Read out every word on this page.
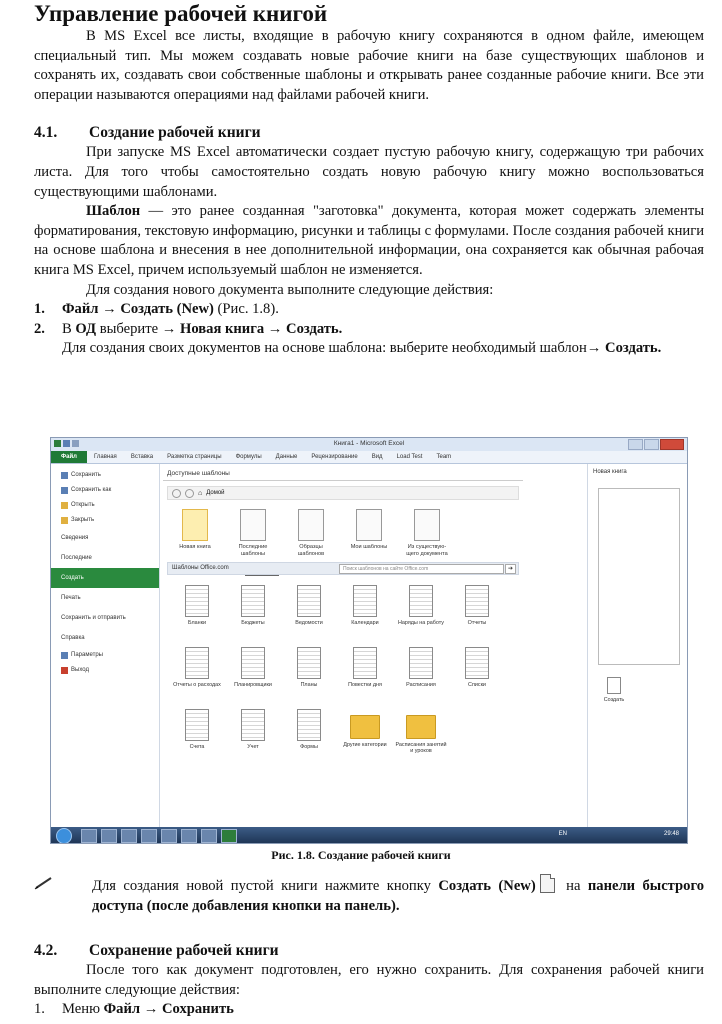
Управление рабочей книгой

В MS Excel все листы, входящие в рабочую книгу сохраняются в одном файле, имеющем специальный тип. Мы можем создавать новые рабочие книги на базе существующих шаблонов и сохранять их, создавать свои собственные шаблоны и открывать ранее созданные рабочие книги. Все эти операции называются операциями над файлами рабочей книги.

4.1. Создание рабочей книги

При запуске MS Excel автоматически создает пустую рабочую книгу, содержащую три рабочих листа. Для того чтобы самостоятельно создать новую рабочую книгу можно воспользоваться существующими шаблонами.

Шаблон — это ранее созданная "заготовка" документа, которая может содержать элементы форматирования, текстовую информацию, рисунки и таблицы с формулами. После создания рабочей книги на основе шаблона и внесения в нее дополнительной информации, она сохраняется как обычная рабочая книга MS Excel, причем используемый шаблон не изменяется.

Для создания нового документа выполните следующие действия:

1. Файл → Создать (New) (Рис. 1.8).
2. В ОД выберите → Новая книга → Создать.
Для создания своих документов на основе шаблона: выберите необходимый шаблон→ Создать.
Книга1 - Microsoft Excel
Файл	Главная	Вставка	Разметка страницы	Формулы	Данные	Рецензирование	Вид	Load Test	Team
Сохранить
Сохранить как
Открыть
Закрыть
Сведения
Последние
Создать
Печать
Сохранить и отправить
Справка
Параметры
Выход
Доступные шаблоны
⌂ Домой
Новая книга	Последние шаблоны
Образцы шаблонов
Мои шаблоны	Из существую-щего документа
Шаблоны Office.com	Поиск шаблонов на сайте Office.com	➔
Бланки	Бюджеты	Ведомости	Календари	Наряды на работу	Отчеты
Отчеты о расходах	Планировщики	Планы	Повестки дня	Расписания	Списки
Счета	Учет	Формы	Другие категории	Расписания занятий и уроков
Новая книга
Создать
EN	29:48
Рис. 1.8. Создание рабочей книги

Для создания новой пустой книги нажмите кнопку Создать (New) на панели быстрого доступа (после добавления кнопки на панель).

4.2. Сохранение рабочей книги

После того как документ подготовлен, его нужно сохранить. Для сохранения рабочей книги выполните следующие действия:

1. Меню Файл → Сохранить
